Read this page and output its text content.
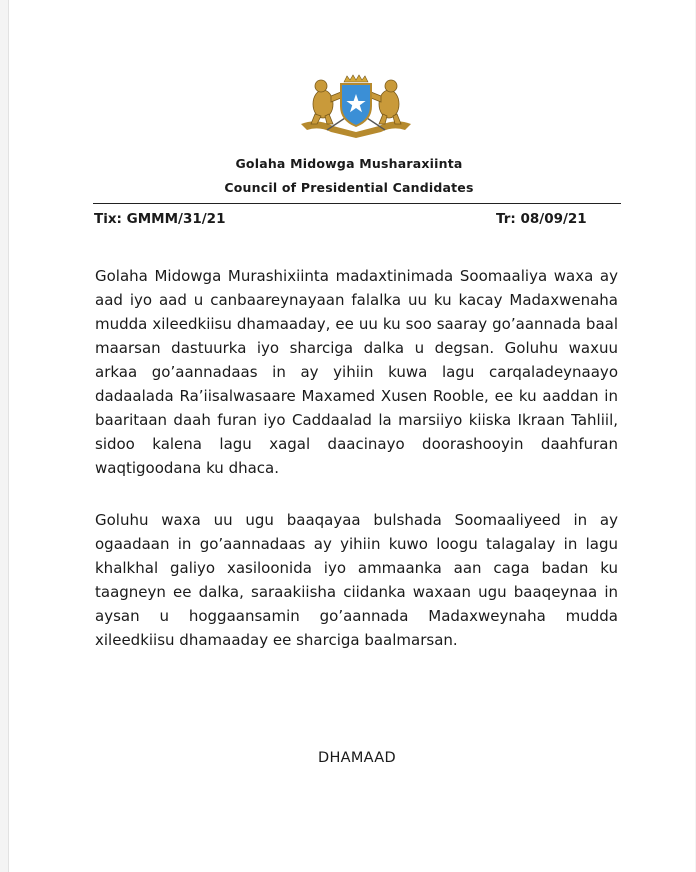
Golaha Midowga Musharaxiinta
Council of Presidential Candidates
Tix: GMMM/31/21	Tr: 08/09/21
Golaha Midowga Murashixiinta madaxtinimada Soomaaliya waxa ay aad iyo aad u canbaareynayaan falalka uu ku kacay Madaxwenaha mudda xileedkiisu dhamaaday, ee uu ku soo saaray go’aannada baal maarsan dastuurka iyo sharciga dalka u degsan. Goluhu waxuu arkaa go’aannadaas in ay yihiin kuwa lagu carqaladeynaayo dadaalada Ra’iisalwasaare Maxamed Xusen Rooble, ee ku aaddan in baaritaan daah furan iyo Caddaalad la marsiiyo kiiska Ikraan Tahliil, sidoo kalena lagu xagal daacinayo doorashooyin daahfuran waqtigoodana ku dhaca.
Goluhu waxa uu ugu baaqayaa bulshada Soomaaliyeed in ay ogaadaan in go’aannadaas ay yihiin kuwo loogu talagalay in lagu khalkhal galiyo xasiloonida iyo ammaanka aan caga badan ku taagneyn ee dalka, saraakiisha ciidanka waxaan ugu baaqeynaa in aysan u hoggaansamin go’aannada Madaxweynaha mudda xileedkiisu dhamaaday ee sharciga baalmarsan.
DHAMAAD
